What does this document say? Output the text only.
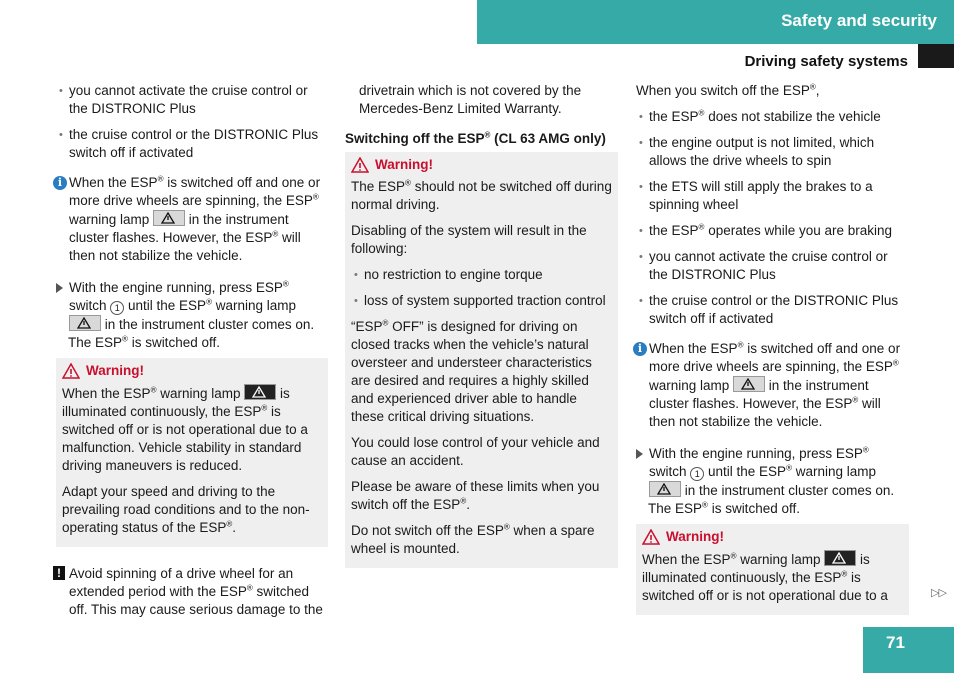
Safety and security
Driving safety systems
• you cannot activate the cruise control or the DISTRONIC Plus
• the cruise control or the DISTRONIC Plus switch off if activated
i When the ESP® is switched off and one or more drive wheels are spinning, the ESP® warning lamp
in the instrument cluster flashes. However, the ESP® will then not stabilize the vehicle.
With the engine running, press ESP® switch 1 until the ESP® warning lamp
in the instrument cluster comes on.
The ESP® is switched off.
Warning!
When the ESP® warning lamp
is illuminated continuously, the ESP® is switched off or is not operational due to a malfunction. Vehicle stability in standard driving maneuvers is reduced.
Adapt your speed and driving to the prevailing road conditions and to the non-operating status of the ESP®.
! Avoid spinning of a drive wheel for an extended period with the ESP® switched off. This may cause serious damage to the
drivetrain which is not covered by the Mercedes-Benz Limited Warranty.
Switching off the ESP® (CL 63 AMG only)
Warning!
The ESP® should not be switched off during normal driving.
Disabling of the system will result in the following:
• no restriction to engine torque
• loss of system supported traction control
“ESP® OFF” is designed for driving on closed tracks when the vehicle’s natural oversteer and understeer characteristics are desired and requires a highly skilled and experienced driver able to handle these critical driving situations.
You could lose control of your vehicle and cause an accident.
Please be aware of these limits when you switch off the ESP®.
Do not switch off the ESP® when a spare wheel is mounted.
When you switch off the ESP®,
• the ESP® does not stabilize the vehicle
• the engine output is not limited, which allows the drive wheels to spin
• the ETS will still apply the brakes to a spinning wheel
• the ESP® operates while you are braking
• you cannot activate the cruise control or the DISTRONIC Plus
• the cruise control or the DISTRONIC Plus switch off if activated
i When the ESP® is switched off and one or more drive wheels are spinning, the ESP® warning lamp
in the instrument cluster flashes. However, the ESP® will then not stabilize the vehicle.
With the engine running, press ESP® switch 1 until the ESP® warning lamp
in the instrument cluster comes on.
The ESP® is switched off.
Warning!
When the ESP® warning lamp
is illuminated continuously, the ESP® is switched off or is not operational due to a	▷▷
71
